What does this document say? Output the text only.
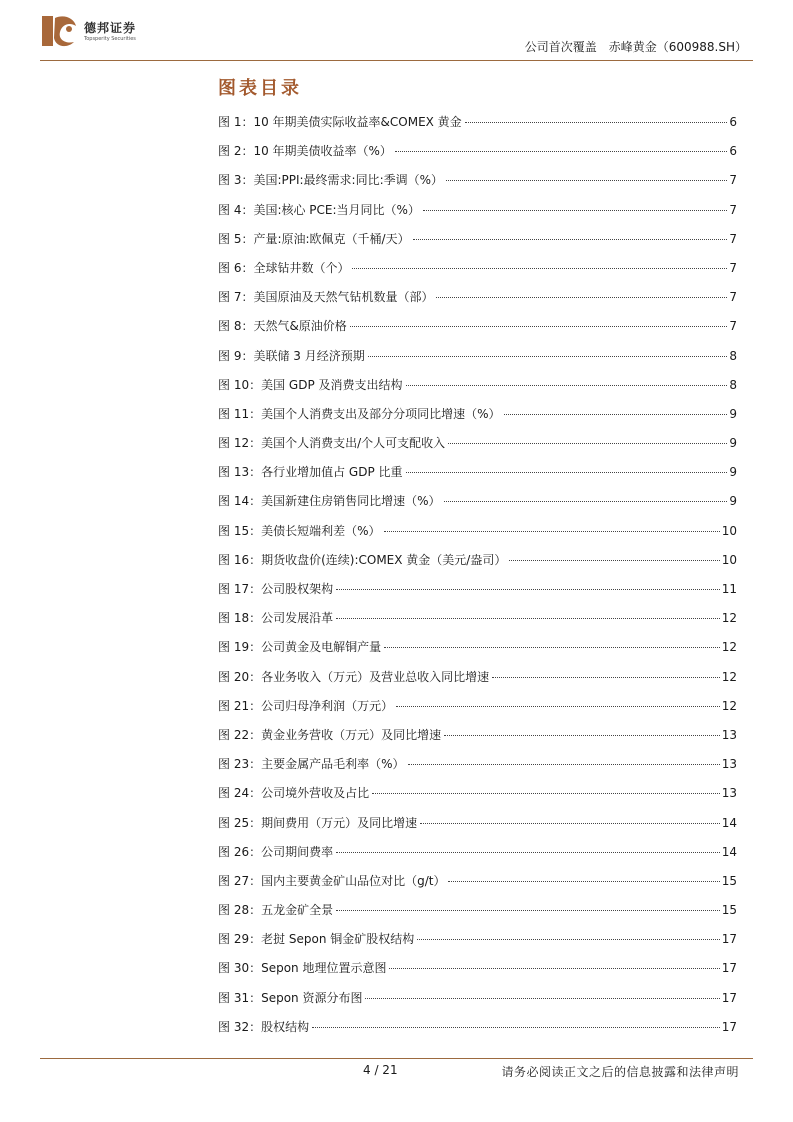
德邦证券
Topsperity Securities
公司首次覆盖　赤峰黄金（600988.SH）
图表目录
图 1：10 年期美债实际收益率&COMEX 黄金	6
图 2：10 年期美债收益率（%）	6
图 3：美国:PPI:最终需求:同比:季调（%）	7
图 4：美国:核心 PCE:当月同比（%）	7
图 5：产量:原油:欧佩克（千桶/天）	7
图 6：全球钻井数（个）	7
图 7：美国原油及天然气钻机数量（部）	7
图 8：天然气&原油价格	7
图 9：美联储 3 月经济预期	8
图 10：美国 GDP 及消费支出结构	8
图 11：美国个人消费支出及部分分项同比增速（%）	9
图 12：美国个人消费支出/个人可支配收入	9
图 13：各行业增加值占 GDP 比重	9
图 14：美国新建住房销售同比增速（%）	9
图 15：美债长短端利差（%）	10
图 16：期货收盘价(连续):COMEX 黄金（美元/盎司）	10
图 17：公司股权架构	11
图 18：公司发展沿革	12
图 19：公司黄金及电解铜产量	12
图 20：各业务收入（万元）及营业总收入同比增速	12
图 21：公司归母净利润（万元）	12
图 22：黄金业务营收（万元）及同比增速	13
图 23：主要金属产品毛利率（%）	13
图 24：公司境外营收及占比	13
图 25：期间费用（万元）及同比增速	14
图 26：公司期间费率	14
图 27：国内主要黄金矿山品位对比（g/t）	15
图 28：五龙金矿全景	15
图 29：老挝 Sepon 铜金矿股权结构	17
图 30：Sepon 地理位置示意图	17
图 31：Sepon 资源分布图	17
图 32：股权结构	17
4 / 21	请务必阅读正文之后的信息披露和法律声明
